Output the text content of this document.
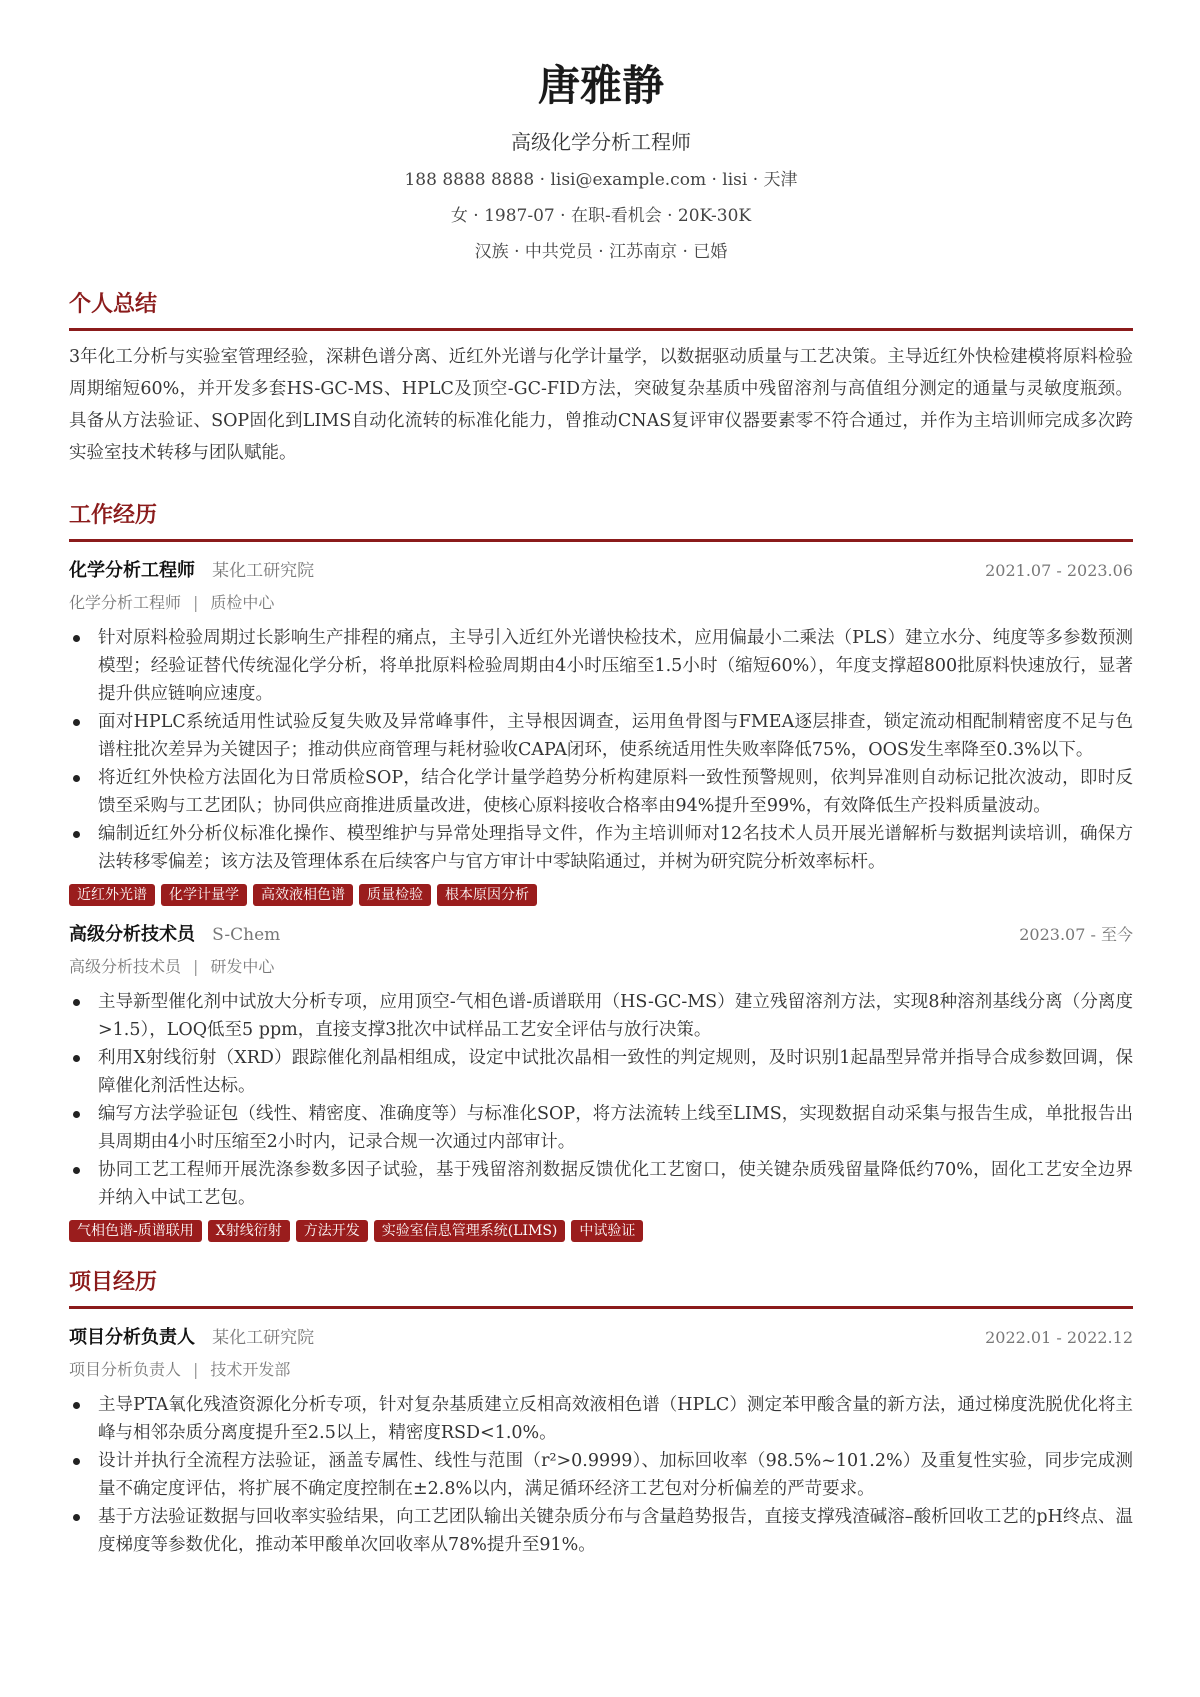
唐雅静
高级化学分析工程师
188 8888 8888 · lisi@example.com · lisi · 天津
女 · 1987-07 · 在职-看机会 · 20K-30K
汉族 · 中共党员 · 江苏南京 · 已婚
个人总结
3年化工分析与实验室管理经验，深耕色谱分离、近红外光谱与化学计量学，以数据驱动质量与工艺决策。主导近红外快检建模将原料检验周期缩短60%，并开发多套HS-GC-MS、HPLC及顶空-GC-FID方法，突破复杂基质中残留溶剂与高值组分测定的通量与灵敏度瓶颈。具备从方法验证、SOP固化到LIMS自动化流转的标准化能力，曾推动CNAS复评审仪器要素零不符合通过，并作为主培训师完成多次跨实验室技术转移与团队赋能。
工作经历
化学分析工程师 某化工研究院	2021.07 - 2023.06
化学分析工程师 | 质检中心
针对原料检验周期过长影响生产排程的痛点，主导引入近红外光谱快检技术，应用偏最小二乘法（PLS）建立水分、纯度等多参数预测模型；经验证替代传统湿化学分析，将单批原料检验周期由4小时压缩至1.5小时（缩短60%），年度支撑超800批原料快速放行，显著提升供应链响应速度。
面对HPLC系统适用性试验反复失败及异常峰事件，主导根因调查，运用鱼骨图与FMEA逐层排查，锁定流动相配制精密度不足与色谱柱批次差异为关键因子；推动供应商管理与耗材验收CAPA闭环，使系统适用性失败率降低75%，OOS发生率降至0.3%以下。
将近红外快检方法固化为日常质检SOP，结合化学计量学趋势分析构建原料一致性预警规则，依判异准则自动标记批次波动，即时反馈至采购与工艺团队；协同供应商推进质量改进，使核心原料接收合格率由94%提升至99%，有效降低生产投料质量波动。
编制近红外分析仪标准化操作、模型维护与异常处理指导文件，作为主培训师对12名技术人员开展光谱解析与数据判读培训，确保方法转移零偏差；该方法及管理体系在后续客户与官方审计中零缺陷通过，并树为研究院分析效率标杆。
近红外光谱	化学计量学	高效液相色谱	质量检验	根本原因分析
高级分析技术员 S-Chem	2023.07 - 至今
高级分析技术员 | 研发中心
主导新型催化剂中试放大分析专项，应用顶空-气相色谱-质谱联用（HS-GC-MS）建立残留溶剂方法，实现8种溶剂基线分离（分离度>1.5），LOQ低至5 ppm，直接支撑3批次中试样品工艺安全评估与放行决策。
利用X射线衍射（XRD）跟踪催化剂晶相组成，设定中试批次晶相一致性的判定规则，及时识别1起晶型异常并指导合成参数回调，保障催化剂活性达标。
编写方法学验证包（线性、精密度、准确度等）与标准化SOP，将方法流转上线至LIMS，实现数据自动采集与报告生成，单批报告出具周期由4小时压缩至2小时内，记录合规一次通过内部审计。
协同工艺工程师开展洗涤参数多因子试验，基于残留溶剂数据反馈优化工艺窗口，使关键杂质残留量降低约70%，固化工艺安全边界并纳入中试工艺包。
气相色谱-质谱联用	X射线衍射	方法开发	实验室信息管理系统(LIMS)	中试验证
项目经历
项目分析负责人 某化工研究院	2022.01 - 2022.12
项目分析负责人 | 技术开发部
主导PTA氧化残渣资源化分析专项，针对复杂基质建立反相高效液相色谱（HPLC）测定苯甲酸含量的新方法，通过梯度洗脱优化将主峰与相邻杂质分离度提升至2.5以上，精密度RSD<1.0%。
设计并执行全流程方法验证，涵盖专属性、线性与范围（r²>0.9999）、加标回收率（98.5%~101.2%）及重复性实验，同步完成测量不确定度评估，将扩展不确定度控制在±2.8%以内，满足循环经济工艺包对分析偏差的严苛要求。
基于方法验证数据与回收率实验结果，向工艺团队输出关键杂质分布与含量趋势报告，直接支撑残渣碱溶–酸析回收工艺的pH终点、温度梯度等参数优化，推动苯甲酸单次回收率从78%提升至91%。
